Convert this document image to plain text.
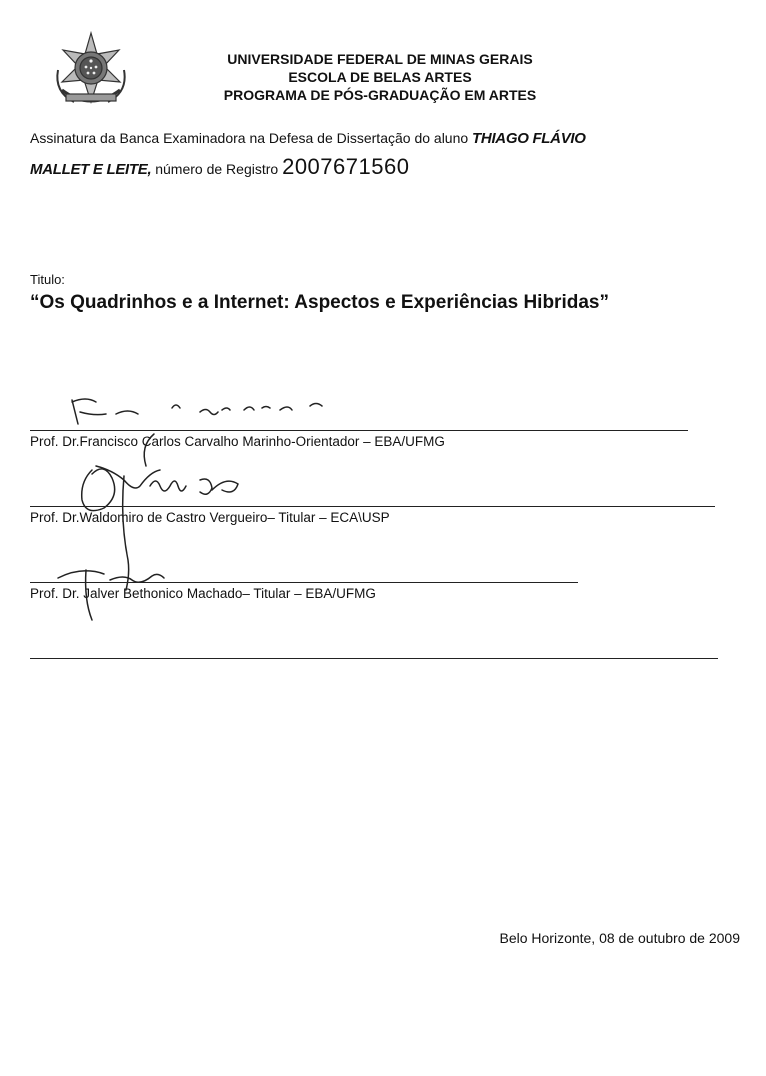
UNIVERSIDADE FEDERAL DE MINAS GERAIS
ESCOLA DE BELAS ARTES
PROGRAMA DE PÓS-GRADUAÇÃO EM ARTES
Assinatura da Banca Examinadora na Defesa de Dissertação do aluno THIAGO FLÁVIO
MALLET E LEITE, número de Registro 2007671560
Titulo:
“Os Quadrinhos e a Internet: Aspectos e Experiências Hibridas”
Prof. Dr.Francisco Carlos Carvalho Marinho-Orientador – EBA/UFMG
Prof. Dr.Waldomiro de Castro Vergueiro– Titular – ECA\USP
Prof. Dr. Jalver Bethonico Machado– Titular – EBA/UFMG
Belo Horizonte, 08 de outubro de 2009
